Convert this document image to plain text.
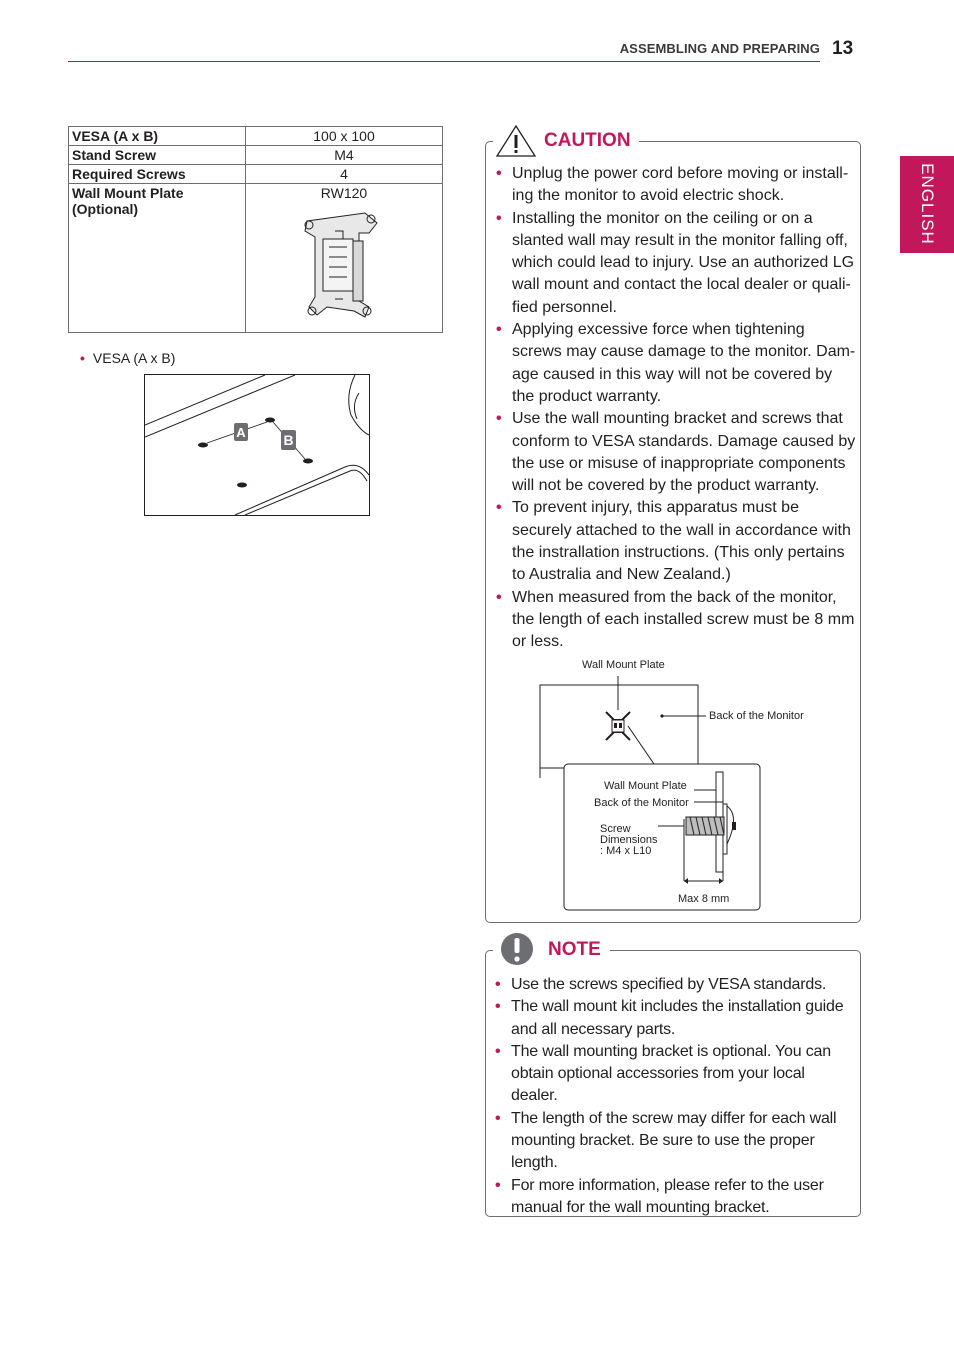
ASSEMBLING AND PREPARING 13
ENGLISH
VESA (A x B)	100 x 100
Stand Screw	M4
Required Screws	4
Wall Mount Plate (Optional)	RW120
• VESA (A x B)
A	B
CAUTION
• Unplug the power cord before moving or install-ing the monitor to avoid electric shock.
• Installing the monitor on the ceiling or on a slanted wall may result in the monitor falling off, which could lead to injury. Use an authorized LG wall mount and contact the local dealer or quali-fied personnel.
• Applying excessive force when tightening screws may cause damage to the monitor. Dam-age caused in this way will not be covered by the product warranty.
• Use the wall mounting bracket and screws that conform to VESA standards. Damage caused by the use or misuse of inappropriate components will not be covered by the product warranty.
• To prevent injury, this apparatus must be securely attached to the wall in accordance with the instrallation instructions. (This only pertains to Australia and New Zealand.)
• When measured from the back of the monitor, the length of each installed screw must be 8 mm or less.
Wall Mount Plate
Back of the Monitor
Wall Mount Plate
Back of the Monitor
Screw
Dimensions
: M4 x L10
Max 8 mm
NOTE
• Use the screws specified by VESA standards.
• The wall mount kit includes the installation guide and all necessary parts.
• The wall mounting bracket is optional. You can obtain optional accessories from your local dealer.
• The length of the screw may differ for each wall mounting bracket. Be sure to use the proper length.
• For more information, please refer to the user manual for the wall mounting bracket.
